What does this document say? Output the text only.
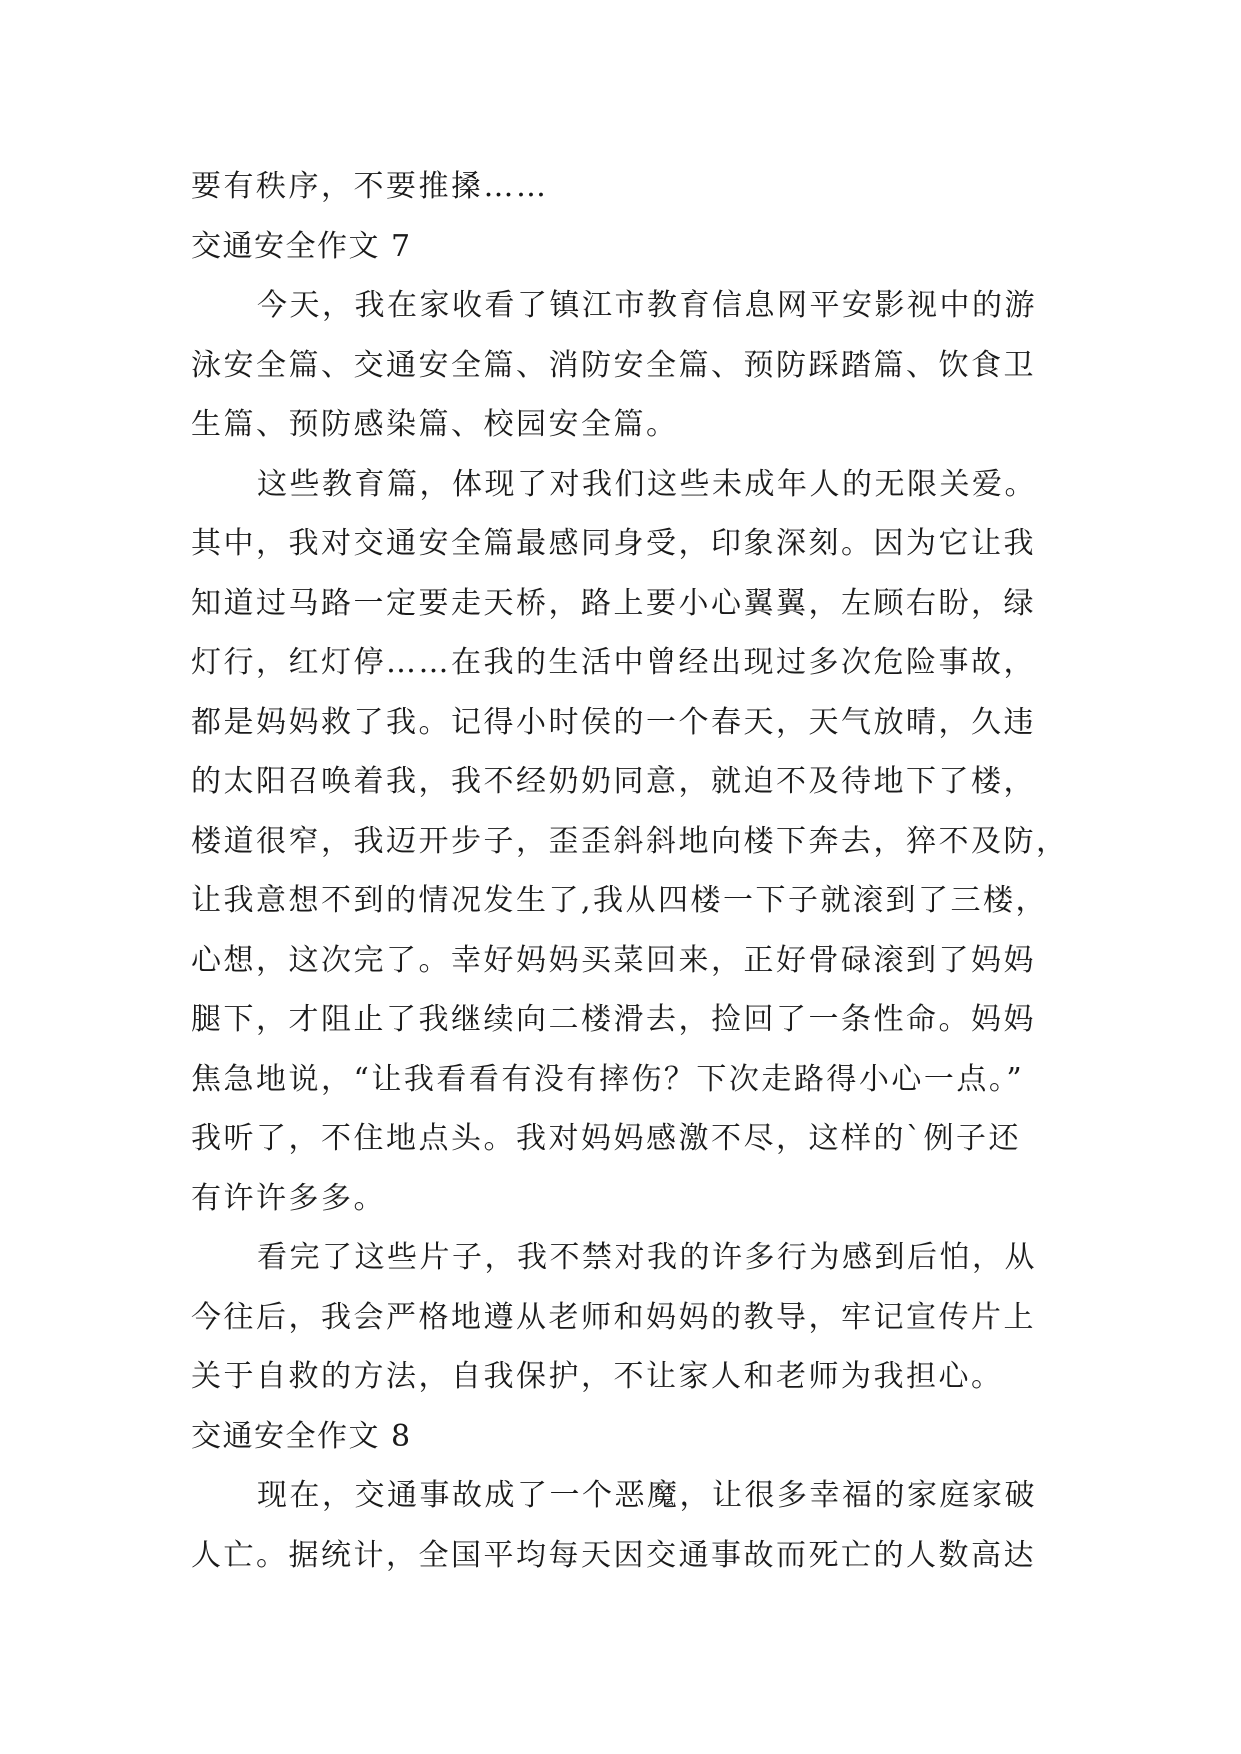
要有秩序，不要推搡……

交通安全作文 7

今天，我在家收看了镇江市教育信息网平安影视中的游

泳安全篇、交通安全篇、消防安全篇、预防踩踏篇、饮食卫

生篇、预防感染篇、校园安全篇。

这些教育篇，体现了对我们这些未成年人的无限关爱。

其中，我对交通安全篇最感同身受，印象深刻。因为它让我

知道过马路一定要走天桥，路上要小心翼翼，左顾右盼，绿

灯行，红灯停……在我的生活中曾经出现过多次危险事故，

都是妈妈救了我。记得小时侯的一个春天，天气放晴，久违

的太阳召唤着我，我不经奶奶同意，就迫不及待地下了楼，

楼道很窄，我迈开步子，歪歪斜斜地向楼下奔去，猝不及防，

让我意想不到的情况发生了,我从四楼一下子就滚到了三楼，

心想，这次完了。幸好妈妈买菜回来，正好骨碌滚到了妈妈

腿下，才阻止了我继续向二楼滑去，捡回了一条性命。妈妈

焦急地说，“让我看看有没有摔伤？下次走路得小心一点。”

我听了，不住地点头。我对妈妈感激不尽，这样的`例子还

有许许多多。

看完了这些片子，我不禁对我的许多行为感到后怕，从

今往后，我会严格地遵从老师和妈妈的教导，牢记宣传片上

关于自救的方法，自我保护，不让家人和老师为我担心。

交通安全作文 8

现在，交通事故成了一个恶魔，让很多幸福的家庭家破

人亡。据统计，全国平均每天因交通事故而死亡的人数高达
